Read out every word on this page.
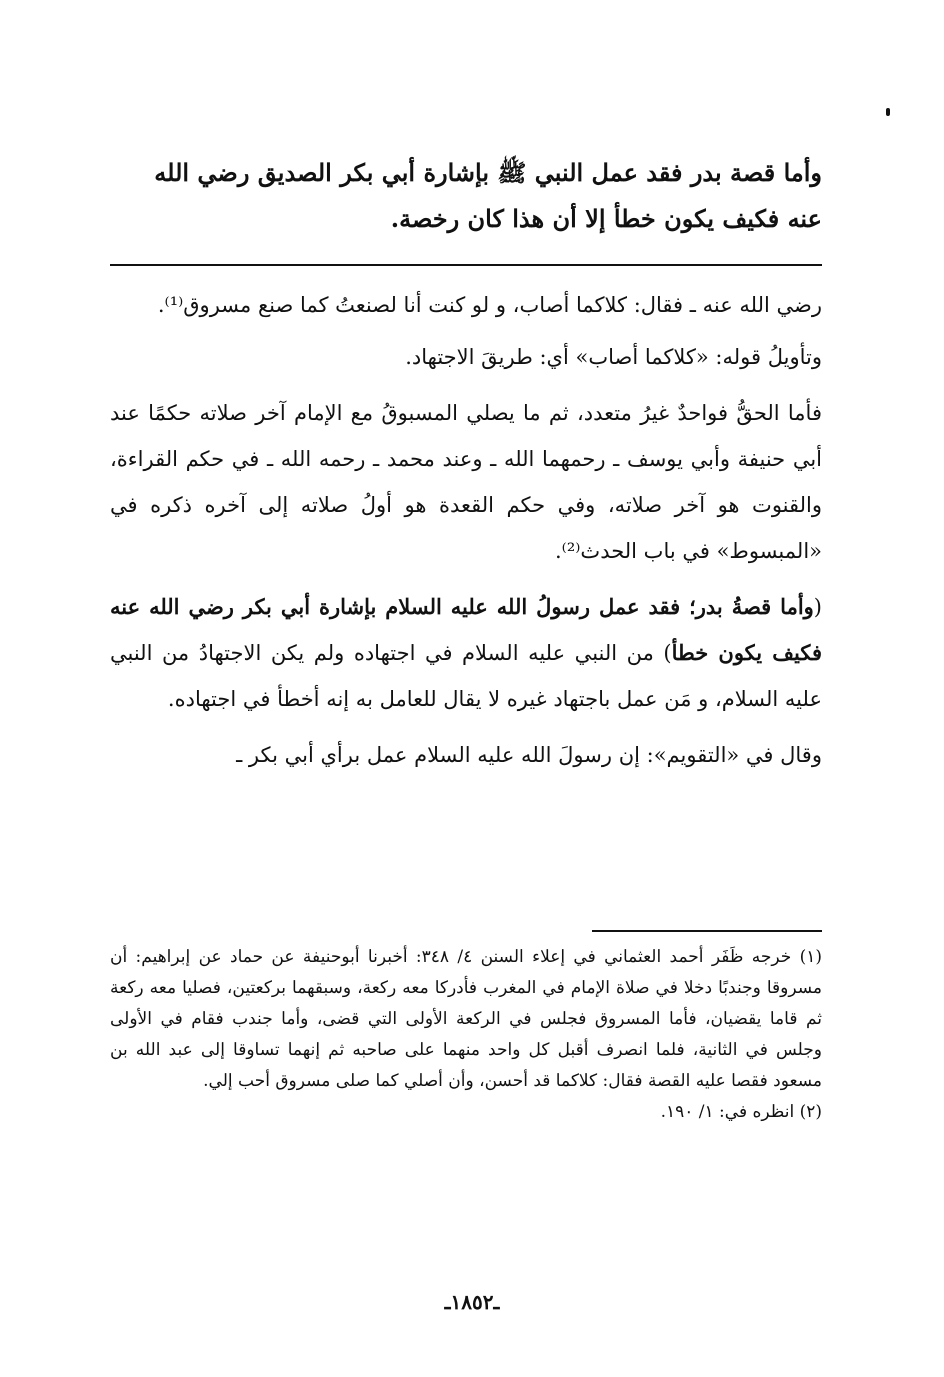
وأما قصة بدر فقد عمل النبي ﷺ بإشارة أبي بكر الصديق رضي الله

عنه فكيف يكون خطأ إلا أن هذا كان رخصة.

رضي الله عنه ـ فقال: كلاكما أصاب، و لو كنت أنا لصنعتُ كما صنع مسروق⁽¹⁾.

وتأويلُ قوله: «كلاكما أصاب» أي: طريقَ الاجتهاد.

فأما الحقُّ فواحدٌ غيرُ متعدد، ثم ما يصلي المسبوقُ مع الإمام آخر صلاته حكمًا عند أبي حنيفة وأبي يوسف ـ رحمهما الله ـ وعند محمد ـ رحمه الله ـ في حكم القراءة، والقنوت هو آخر صلاته، وفي حكم القعدة هو أولُ صلاته إلى آخره ذكره في «المبسوط» في باب الحدث⁽²⁾.

(وأما قصةُ بدر؛ فقد عمل رسولُ الله عليه السلام بإشارة أبي بكر رضي الله عنه فكيف يكون خطأ) من النبي عليه السلام في اجتهاده ولم يكن الاجتهادُ من النبي عليه السلام، و مَن عمل باجتهاد غيره لا يقال للعامل به إنه أخطأ في اجتهاده.

وقال في «التقويم»: إن رسولَ الله عليه السلام عمل برأي أبي بكر ـ

(١) خرجه ظَفَر أحمد العثماني في إعلاء السنن ٤/ ٣٤٨: أخبرنا أبوحنيفة عن حماد عن إبراهيم: أن مسروقا وجندبًا دخلا في صلاة الإمام في المغرب فأدركا معه ركعة، وسبقهما بركعتين، فصليا معه ركعة ثم قاما يقضيان، فأما المسروق فجلس في الركعة الأولى التي قضى، وأما جندب فقام في الأولى وجلس في الثانية، فلما انصرف أقبل كل واحد منهما على صاحبه ثم إنهما تساوقا إلى عبد الله بن مسعود فقصا عليه القصة فقال: كلاكما قد أحسن، وأن أصلي كما صلى مسروق أحب إلي.

(٢) انظره في: ١/ ١٩٠.

ـ١٨٥٢ـ
